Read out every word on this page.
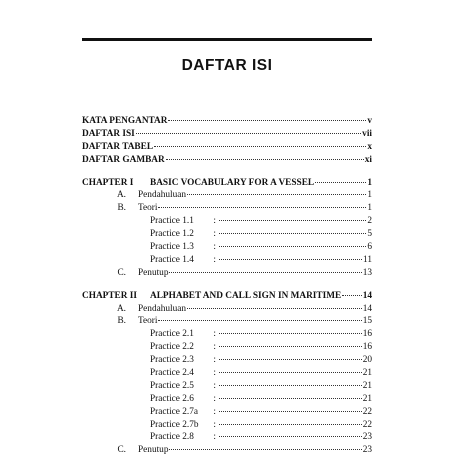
DAFTAR ISI
KATA PENGANTAR	v
DAFTAR ISI	vii
DAFTAR TABEL	x
DAFTAR GAMBAR	xi
CHAPTER I	BASIC VOCABULARY FOR A VESSEL	1
A.	Pendahuluan	1
B.	Teori	1
Practice 1.1	:	2
Practice 1.2	:	5
Practice 1.3	:	6
Practice 1.4	:	11
C.	Penutup	13
CHAPTER II	ALPHABET AND CALL SIGN IN MARITIME 14
A.	Pendahuluan	14
B.	Teori	15
Practice 2.1	:	16
Practice 2.2	:	16
Practice 2.3	:	20
Practice 2.4	:	21
Practice 2.5	:	21
Practice 2.6	:	21
Practice 2.7a	:	22
Practice 2.7b	:	22
Practice 2.8	:	23
C.	Penutup	23
